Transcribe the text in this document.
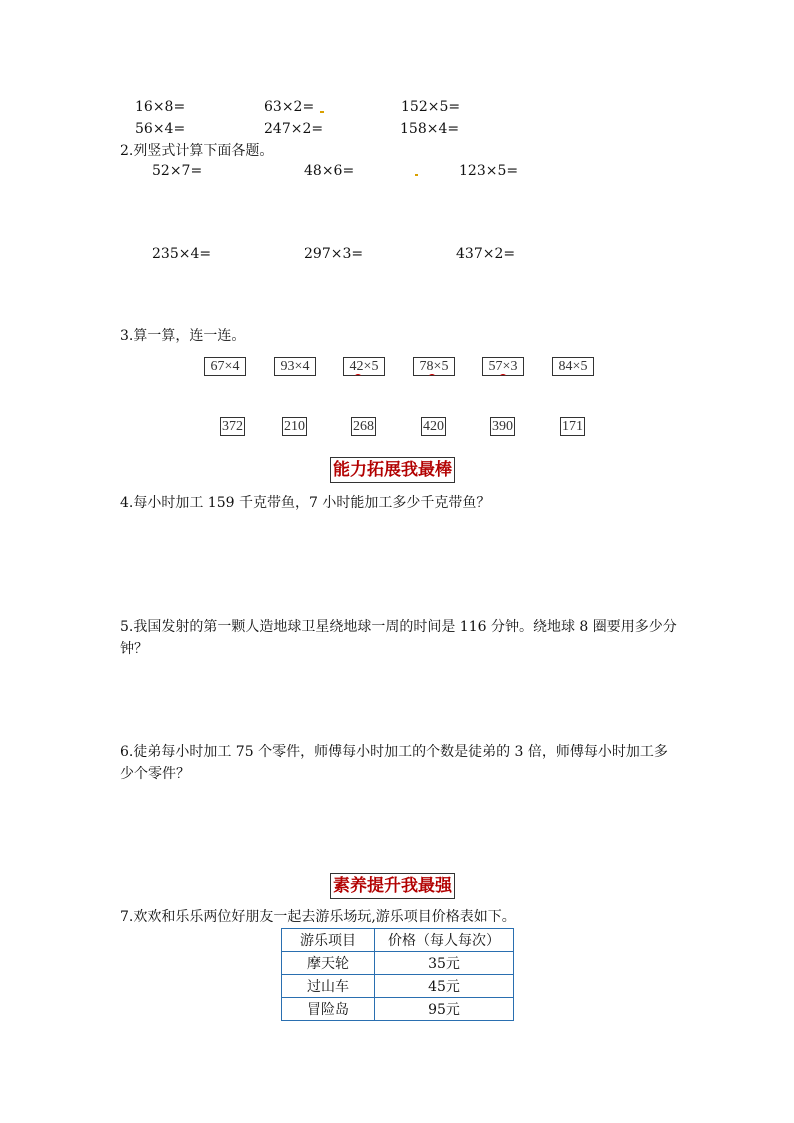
16×8=	63×2=	152×5=
56×4=	247×2=	158×4=
2.列竖式计算下面各题。
52×7=	48×6=	123×5=
235×4=	297×3=	437×2=
3.算一算，连一连。
67×4	93×4	42×5	78×5	57×3	84×5
372	210	268	420	390	171
能力拓展我最棒
4.每小时加工 159 千克带鱼，7 小时能加工多少千克带鱼？
5.我国发射的第一颗人造地球卫星绕地球一周的时间是 116 分钟。绕地球 8 圈要用多少分钟？
6.徒弟每小时加工 75 个零件，师傅每小时加工的个数是徒弟的 3 倍，师傅每小时加工多少个零件？
素养提升我最强
7.欢欢和乐乐两位好朋友一起去游乐场玩,游乐项目价格表如下。
游乐项目	价格（每人每次）
摩天轮	35元
过山车	45元
冒险岛	95元
